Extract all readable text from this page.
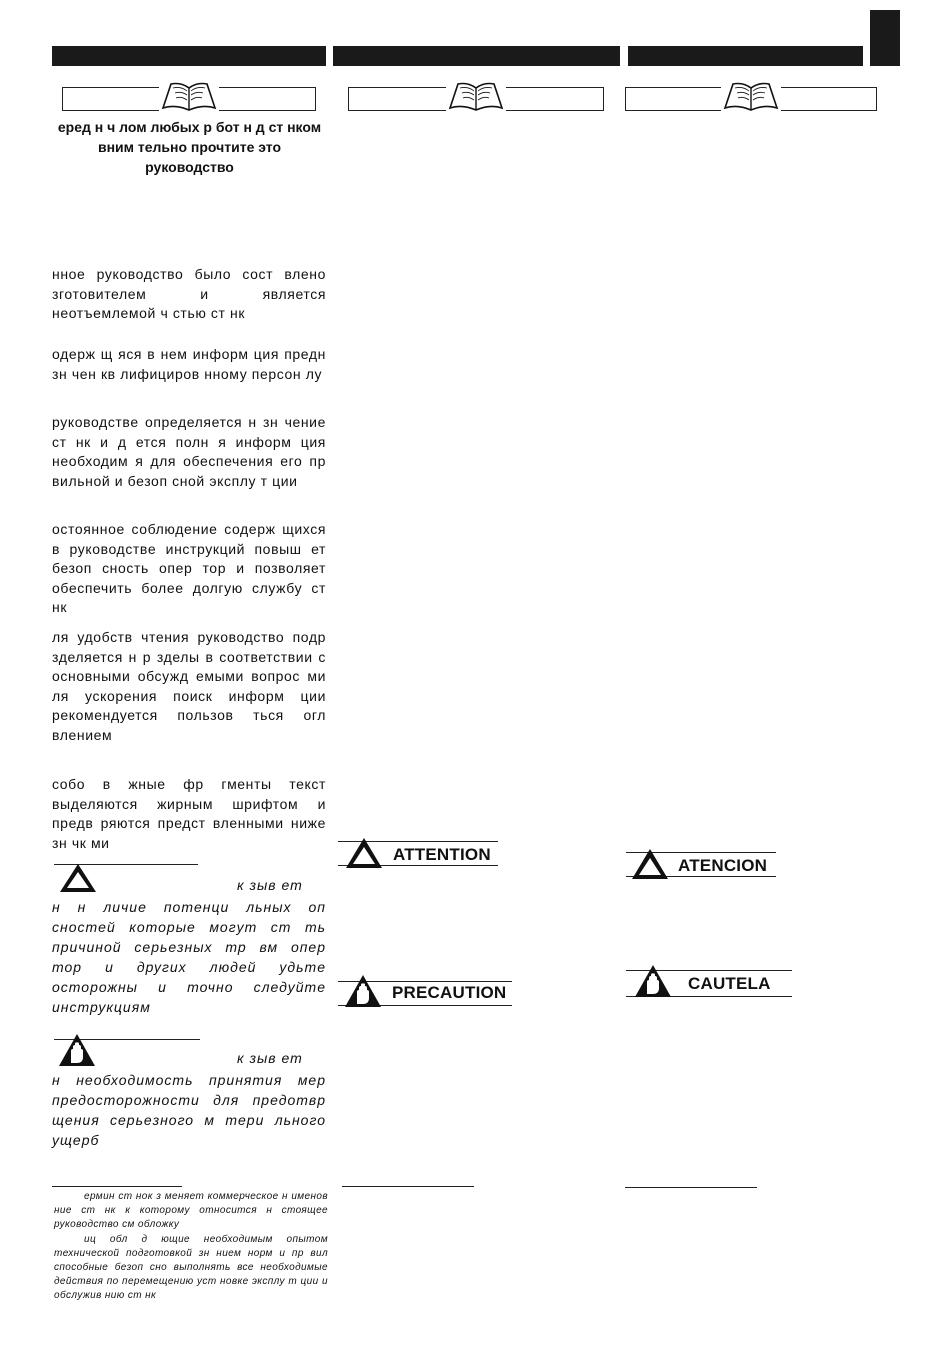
еред н ч лом любых р бот н д ст нком вним тельно прочтите это руководство
нное руководство было сост влено зготовителем и является неотъемлемой ч стью ст нк
одерж щ яся в нем информ ция предн зн чен кв лифициров нному персон лу
руководстве определяется н зн чение ст нк и д ется полн я информ ция необходим я для обеспечения его пр вильной и безоп сной эксплу т ции
остоянное соблюдение содерж щихся в руководстве инструкций повыш ет безоп сность опер тор и позволяет обеспечить более долгую службу ст нк
ля удобств чтения руководство подр зделяется н р зделы в соответствии с основными обсужд емыми вопрос ми ля ускорения поиск информ ции рекомендуется пользов ться огл влением
собо в жные фр гменты текст выделяются жирным шрифтом и предв ряются предст вленными ниже зн чк ми
к зыв ет
н н личие потенци льных оп сностей которые могут ст ть причиной серьезных тр вм опер тор и других людей удьте осторожны и точно следуйте инструкциям
к зыв ет
н необходимость принятия мер предосторожности для предотвр щения серьезного м тери льного ущерб
ермин ст нок з меняет коммерческое н именов ние ст нк к которому относится н стоящее руководство см обложку
иц обл д ющие необходимым опытом технической подготовкой зн нием норм и пр вил способные безоп сно выполнять все необходимые действия по перемещению уст новке эксплу т ции и обслужив нию ст нк
ATTENTION
PRECAUTION
ATENCION
CAUTELA
